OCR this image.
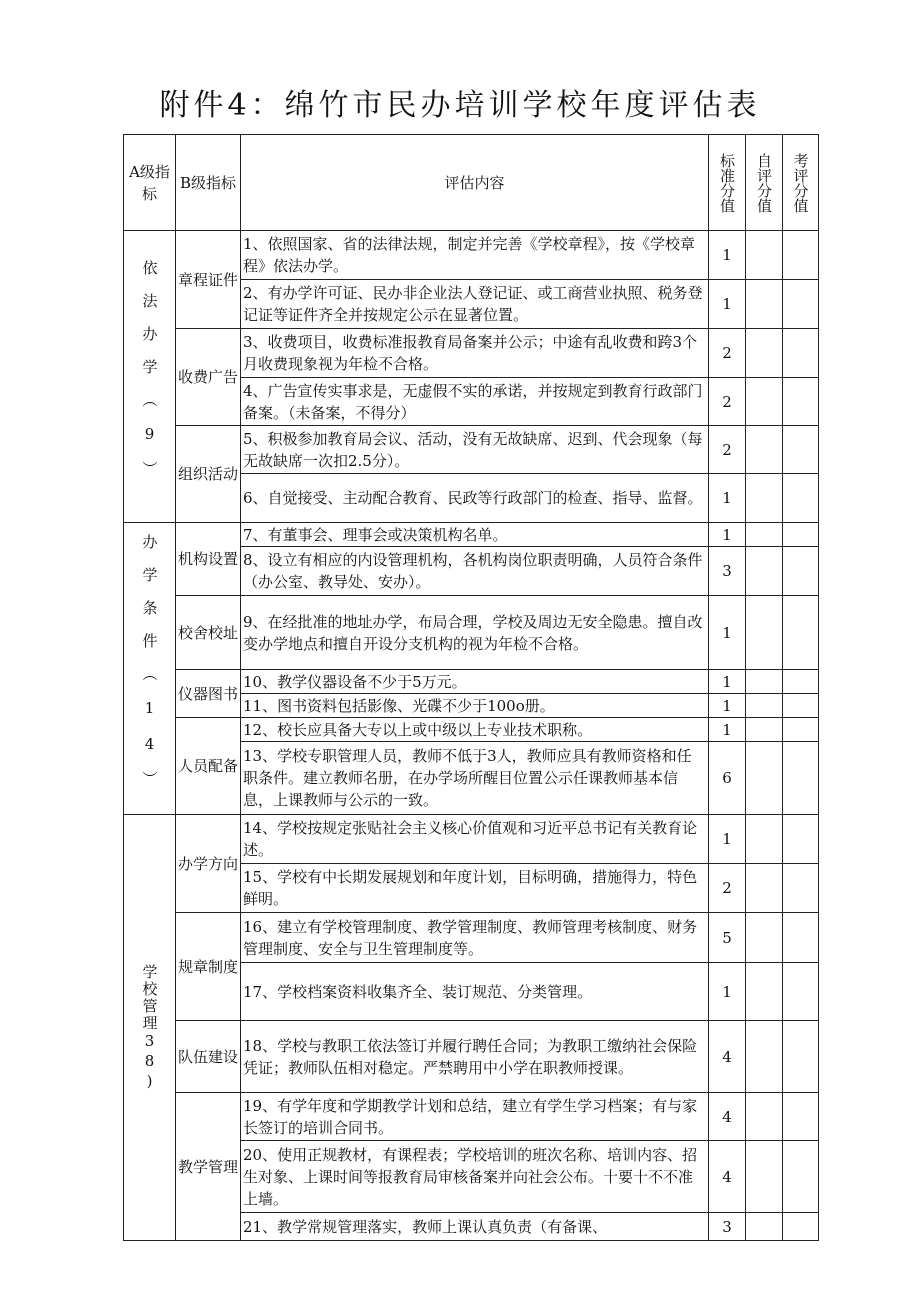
附件4：绵竹市民办培训学校年度评估表
A级指标	B级指标	评估内容	标准分值	自评分值	考评分值

依法办学（9）	章程证件	1、依照国家、省的法律法规，制定并完善《学校章程》，按《学校章程》依法办学。	1		
		2、有办学许可证、民办非企业法人登记证、或工商营业执照、税务登记证等证件齐全并按规定公示在显著位置。	1		
	收费广告	3、收费项目，收费标准报教育局备案并公示；中途有乱收费和跨3个月收费现象视为年检不合格。	2		
		4、广告宣传实事求是，无虚假不实的承诺，并按规定到教育行政部门备案。（未备案，不得分）	2		
	组织活动	5、积极参加教育局会议、活动，没有无故缺席、迟到、代会现象（每无故缺席一次扣2.5分）。	2		
		6、自觉接受、主动配合教育、民政等行政部门的检查、指导、监督。	1		

办学条件（14）	机构设置	7、有董事会、理事会或决策机构名单。	1		
		8、设立有相应的内设管理机构，各机构岗位职责明确，人员符合条件（办公室、教导处、安办）。	3		
	校舍校址	9、在经批准的地址办学，布局合理，学校及周边无安全隐患。擅自改变办学地点和擅自开设分支机构的视为年检不合格。	1		
	仪器图书	10、教学仪器设备不少于5万元。	1		
		11、图书资料包括影像、光碟不少于100o册。	1		
	人员配备	12、校长应具备大专以上或中级以上专业技术职称。	1		
		13、学校专职管理人员，教师不低于3人，教师应具有教师资格和任职条件。建立教师名册，在办学场所醒目位置公示任课教师基本信息，上课教师与公示的一致。	6		

学校管理38)	办学方向	14、学校按规定张贴社会主义核心价值观和习近平总书记有关教育论述。	1		
		15、学校有中长期发展规划和年度计划，目标明确，措施得力，特色鲜明。	2		
	规章制度	16、建立有学校管理制度、教学管理制度、教师管理考核制度、财务管理制度、安全与卫生管理制度等。	5		
		17、学校档案资料收集齐全、装订规范、分类管理。	1		
	队伍建设	18、学校与教职工依法签订并履行聘任合同；为教职工缴纳社会保险凭证；教师队伍相对稳定。严禁聘用中小学在职教师授课。	4		
	教学管理	19、有学年度和学期教学计划和总结，建立有学生学习档案；有与家长签订的培训合同书。	4		
		20、使用正规教材，有课程表；学校培训的班次名称、培训内容、招生对象、上课时间等报教育局审核备案并向社会公布。十要十不不准上墙。	4		
		21、教学常规管理落实，教师上课认真负责（有备课、	3		
